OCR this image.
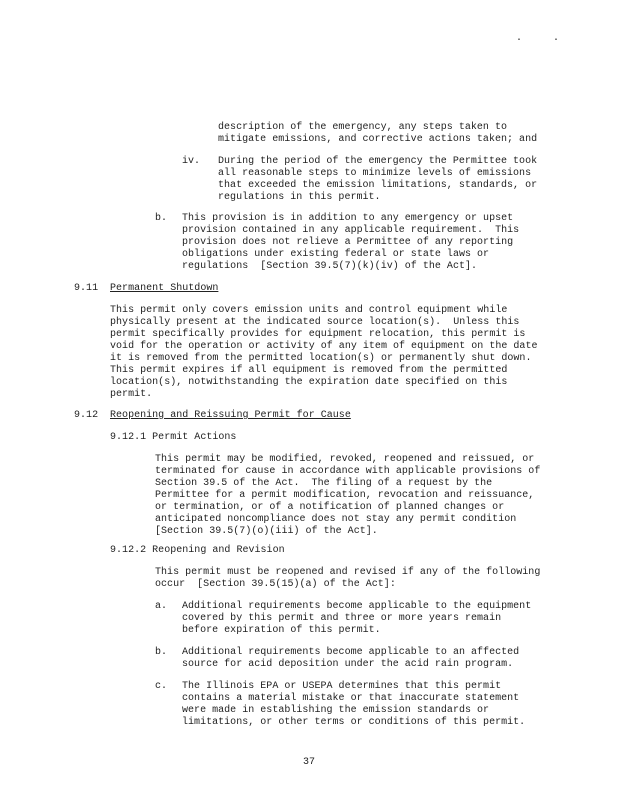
.	.
description of the emergency, any steps taken to
mitigate emissions, and corrective actions taken; and
iv. During the period of the emergency the Permittee took
all reasonable steps to minimize levels of emissions
that exceeded the emission limitations, standards, or
regulations in this permit.
b. This provision is in addition to any emergency or upset
provision contained in any applicable requirement.  This
provision does not relieve a Permittee of any reporting
obligations under existing federal or state laws or
regulations  [Section 39.5(7)(k)(iv) of the Act].
9.11 Permanent Shutdown
This permit only covers emission units and control equipment while
physically present at the indicated source location(s).  Unless this
permit specifically provides for equipment relocation, this permit is
void for the operation or activity of any item of equipment on the date
it is removed from the permitted location(s) or permanently shut down.
This permit expires if all equipment is removed from the permitted
location(s), notwithstanding the expiration date specified on this
permit.
9.12 Reopening and Reissuing Permit for Cause
9.12.1 Permit Actions
This permit may be modified, revoked, reopened and reissued, or
terminated for cause in accordance with applicable provisions of
Section 39.5 of the Act.  The filing of a request by the
Permittee for a permit modification, revocation and reissuance,
or termination, or of a notification of planned changes or
anticipated noncompliance does not stay any permit condition
[Section 39.5(7)(o)(iii) of the Act].
9.12.2 Reopening and Revision
This permit must be reopened and revised if any of the following
occur  [Section 39.5(15)(a) of the Act]:
a. Additional requirements become applicable to the equipment
covered by this permit and three or more years remain
before expiration of this permit.
b. Additional requirements become applicable to an affected
source for acid deposition under the acid rain program.
c. The Illinois EPA or USEPA determines that this permit
contains a material mistake or that inaccurate statement
were made in establishing the emission standards or
limitations, or other terms or conditions of this permit.
37
